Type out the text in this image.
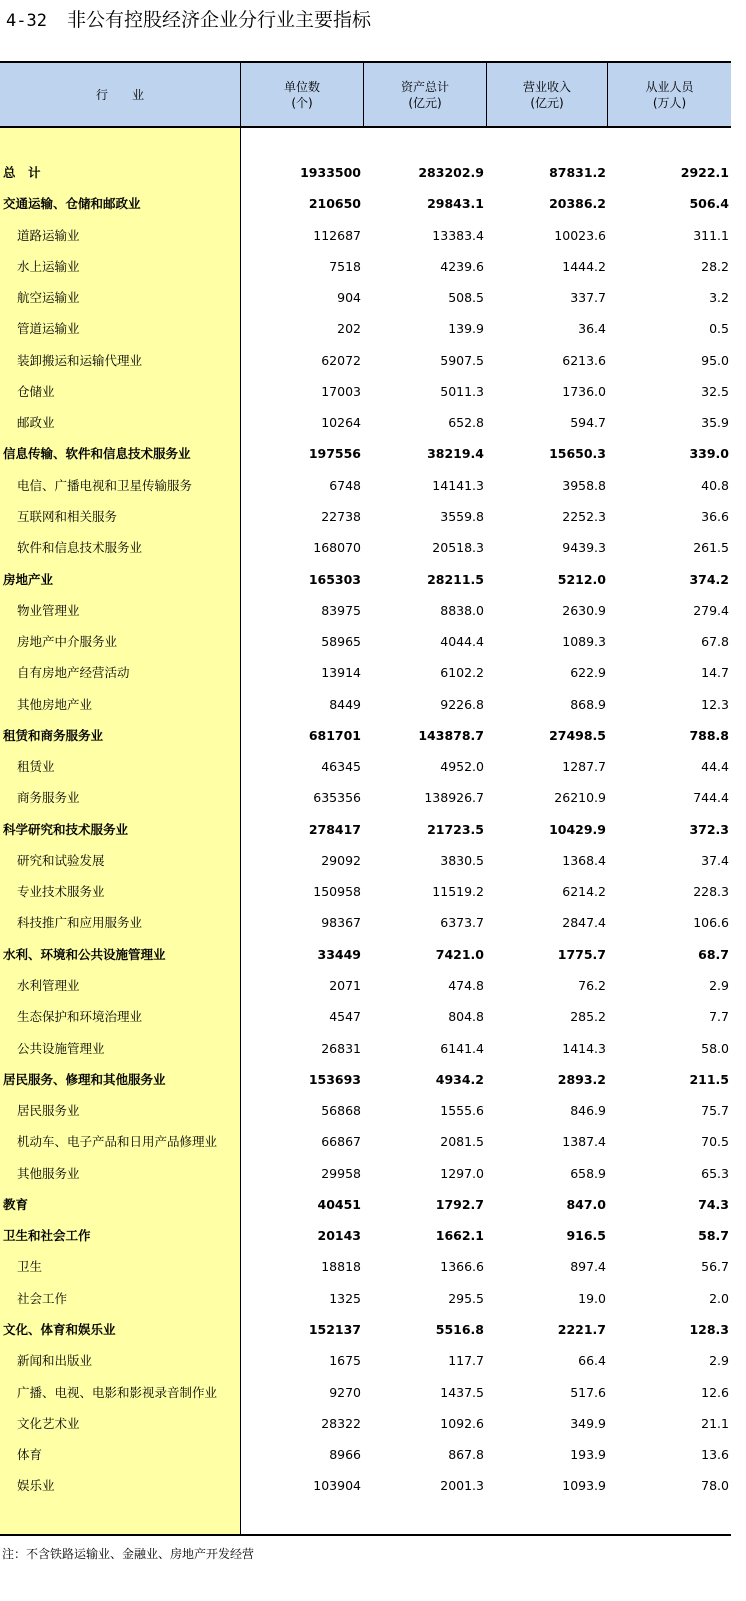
4-32 非公有控股经济企业分行业主要指标
行　　业
单位数
(个)
资产总计
(亿元)
营业收入
(亿元)
从业人员
(万人)
总　计	1933500	283202.9	87831.2	2922.1
交通运输、仓储和邮政业	210650	29843.1	20386.2	506.4
道路运输业	112687	13383.4	10023.6	311.1
水上运输业	7518	4239.6	1444.2	28.2
航空运输业	904	508.5	337.7	3.2
管道运输业	202	139.9	36.4	0.5
装卸搬运和运输代理业	62072	5907.5	6213.6	95.0
仓储业	17003	5011.3	1736.0	32.5
邮政业	10264	652.8	594.7	35.9
信息传输、软件和信息技术服务业	197556	38219.4	15650.3	339.0
电信、广播电视和卫星传输服务	6748	14141.3	3958.8	40.8
互联网和相关服务	22738	3559.8	2252.3	36.6
软件和信息技术服务业	168070	20518.3	9439.3	261.5
房地产业	165303	28211.5	5212.0	374.2
物业管理业	83975	8838.0	2630.9	279.4
房地产中介服务业	58965	4044.4	1089.3	67.8
自有房地产经营活动	13914	6102.2	622.9	14.7
其他房地产业	8449	9226.8	868.9	12.3
租赁和商务服务业	681701	143878.7	27498.5	788.8
租赁业	46345	4952.0	1287.7	44.4
商务服务业	635356	138926.7	26210.9	744.4
科学研究和技术服务业	278417	21723.5	10429.9	372.3
研究和试验发展	29092	3830.5	1368.4	37.4
专业技术服务业	150958	11519.2	6214.2	228.3
科技推广和应用服务业	98367	6373.7	2847.4	106.6
水利、环境和公共设施管理业	33449	7421.0	1775.7	68.7
水利管理业	2071	474.8	76.2	2.9
生态保护和环境治理业	4547	804.8	285.2	7.7
公共设施管理业	26831	6141.4	1414.3	58.0
居民服务、修理和其他服务业	153693	4934.2	2893.2	211.5
居民服务业	56868	1555.6	846.9	75.7
机动车、电子产品和日用产品修理业	66867	2081.5	1387.4	70.5
其他服务业	29958	1297.0	658.9	65.3
教育	40451	1792.7	847.0	74.3
卫生和社会工作	20143	1662.1	916.5	58.7
卫生	18818	1366.6	897.4	56.7
社会工作	1325	295.5	19.0	2.0
文化、体育和娱乐业	152137	5516.8	2221.7	128.3
新闻和出版业	1675	117.7	66.4	2.9
广播、电视、电影和影视录音制作业	9270	1437.5	517.6	12.6
文化艺术业	28322	1092.6	349.9	21.1
体育	8966	867.8	193.9	13.6
娱乐业	103904	2001.3	1093.9	78.0
注：不含铁路运输业、金融业、房地产开发经营
